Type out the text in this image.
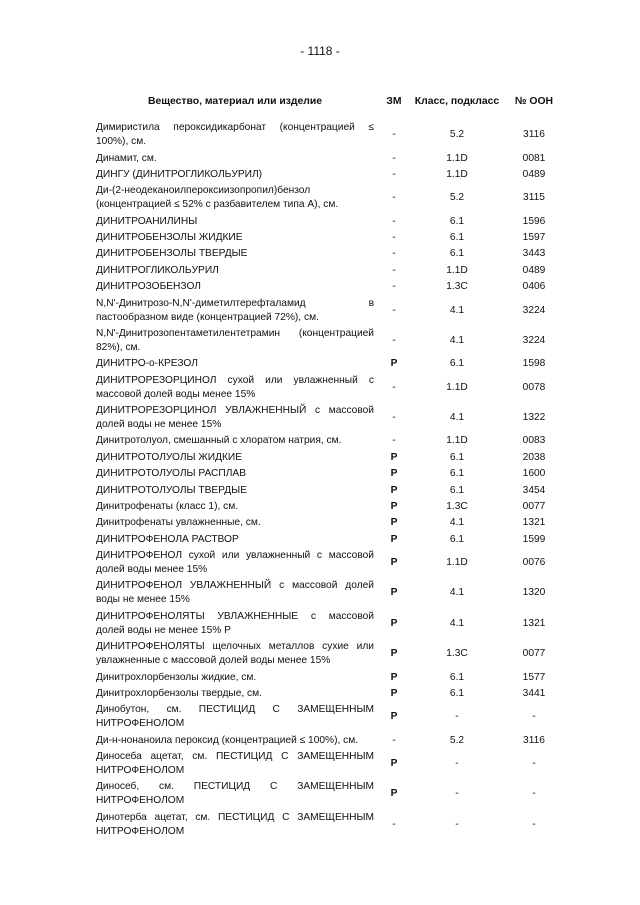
- 1118 -
Вещество, материал или изделие	ЗМ	Класс, подкласс	№ ООН
Димиристила пероксидикарбонат (концентрацией ≤ 100%), см.	-	5.2	3116
Динамит, см.	-	1.1D	0081
ДИНГУ (ДИНИТРОГЛИКОЛЬУРИЛ)	-	1.1D	0489
Ди-(2-неодеканоилпероксиизопропил)бензол (концентрацией ≤ 52% с разбавителем типа А), см.	-	5.2	3115
ДИНИТРОАНИЛИНЫ	-	6.1	1596
ДИНИТРОБЕНЗОЛЫ ЖИДКИЕ	-	6.1	1597
ДИНИТРОБЕНЗОЛЫ ТВЕРДЫЕ	-	6.1	3443
ДИНИТРОГЛИКОЛЬУРИЛ	-	1.1D	0489
ДИНИТРОЗОБЕНЗОЛ	-	1.3C	0406
N,N'-Динитрозо-N,N'-диметилтерефталамид в пастообразном виде (концентрацией 72%), см.	-	4.1	3224
N,N'-Динитрозопентаметилентетрамин (концентрацией 82%), см.	-	4.1	3224
ДИНИТРО-о-КРЕЗОЛ	Р	6.1	1598
ДИНИТРОРЕЗОРЦИНОЛ сухой или увлажненный с массовой долей воды менее 15%	-	1.1D	0078
ДИНИТРОРЕЗОРЦИНОЛ УВЛАЖНЕННЫЙ с массовой долей воды не менее 15%	-	4.1	1322
Динитротолуол, смешанный с хлоратом натрия, см.	-	1.1D	0083
ДИНИТРОТОЛУОЛЫ ЖИДКИЕ	Р	6.1	2038
ДИНИТРОТОЛУОЛЫ РАСПЛАВ	Р	6.1	1600
ДИНИТРОТОЛУОЛЫ ТВЕРДЫЕ	Р	6.1	3454
Динитрофенаты (класс 1), см.	Р	1.3C	0077
Динитрофенаты увлажненные, см.	Р	4.1	1321
ДИНИТРОФЕНОЛА РАСТВОР	Р	6.1	1599
ДИНИТРОФЕНОЛ сухой или увлажненный с массовой долей воды менее 15%	Р	1.1D	0076
ДИНИТРОФЕНОЛ УВЛАЖНЕННЫЙ с массовой долей воды не менее 15%	Р	4.1	1320
ДИНИТРОФЕНОЛЯТЫ УВЛАЖНЕННЫЕ с массовой долей воды не менее 15% Р	Р	4.1	1321
ДИНИТРОФЕНОЛЯТЫ щелочных металлов сухие или увлажненные с массовой долей воды менее 15%	Р	1.3C	0077
Динитрохлорбензолы жидкие, см.	Р	6.1	1577
Динитрохлорбензолы твердые, см.	Р	6.1	3441
Динобутон, см. ПЕСТИЦИД С ЗАМЕЩЕННЫМ НИТРОФЕНОЛОМ	Р	-	-
Ди-н-нонаноила пероксид (концентрацией ≤ 100%), см.	-	5.2	3116
Диносеба ацетат, см. ПЕСТИЦИД С ЗАМЕЩЕННЫМ НИТРОФЕНОЛОМ	Р	-	-
Диносеб, см. ПЕСТИЦИД С ЗАМЕЩЕННЫМ НИТРОФЕНОЛОМ	Р	-	-
Динотерба ацетат, см. ПЕСТИЦИД С ЗАМЕЩЕННЫМ НИТРОФЕНОЛОМ	-	-	-
